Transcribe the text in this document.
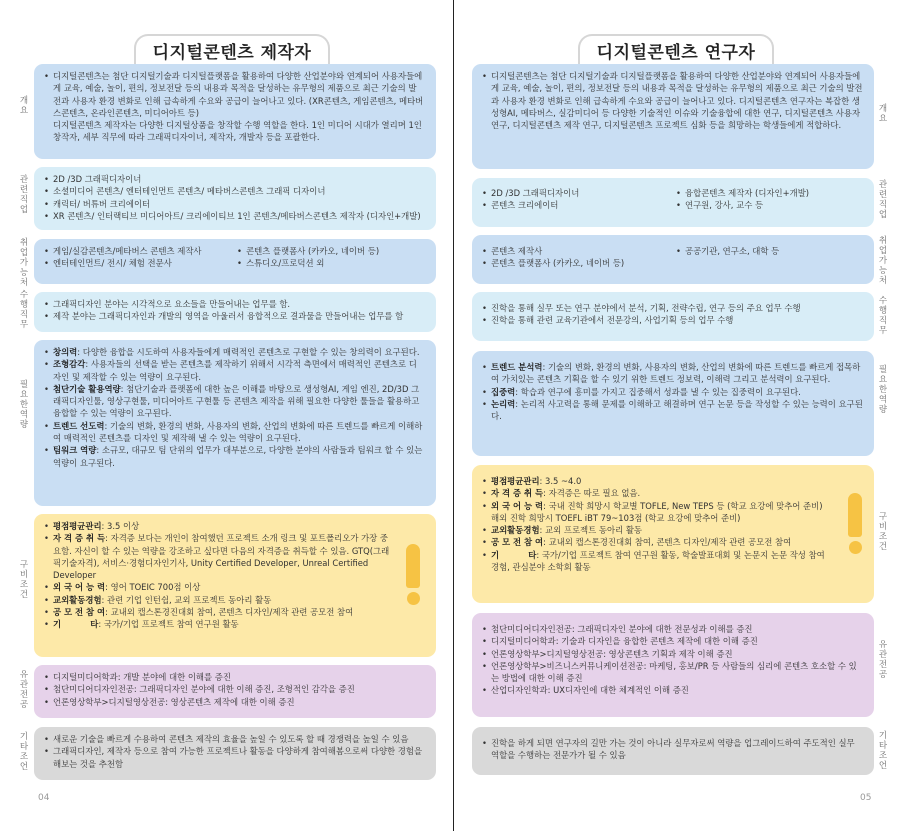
디지털콘텐츠 제작자
• 디지털콘텐츠는 첨단 디지털기술과 디지털플랫폼을 활용하여 다양한 산업분야와 연계되어 사용자들에게 교육, 예술, 놀이, 편의, 정보전달 등의 내용과 목적을 달성하는 유무형의 제품으로 최근 기술의 발전과 사용자 환경 변화로 인해 급속하게 수요와 공급이 늘어나고 있다. (XR콘텐츠, 게임콘텐츠, 메타버스콘텐츠, 온라인콘텐츠, 미디어아트 등)
디지털콘텐츠 제작자는 다양한 디지털상품을 창작할 수행 역할을 한다. 1인 미디어 시대가 열리며 1인 창작자, 세부 직무에 따라 그래픽디자이너, 제작자, 개발자 등을 포괄한다.
개요
• 2D /3D 그래픽디자이너
• 소셜미디어 콘텐츠/ 엔터테인먼트 콘텐츠/ 메타버스콘텐츠 그래픽 디자이너
• 캐릭터/ 버튜버 크리에이터
• XR 콘텐츠/ 인터랙티브 미디어아트/ 크리에이티브 1인 콘텐츠/메타버스콘텐츠 제작자 (디자인+개발)
관련직업
• 게임/실감콘텐츠/메타버스 콘텐츠 제작사	• 콘텐츠 플랫폼사 (카카오, 네이버 등)
• 엔터테인먼트/ 전시/ 체험 전문사	• 스튜디오/프로덕션 외
취업가능처
• 그래픽디자인 분야는 시각적으로 요소들을 만들어내는 업무를 함.
• 제작 분야는 그래픽디자인과 개발의 영역을 아울러서 융합적으로 결과물을 만들어내는 업무를 함
수행직무
• 창의력: 다양한 융합을 시도하여 사용자들에게 매력적인 콘텐츠로 구현할 수 있는 창의력이 요구된다.
• 조형감각: 사용자들의 선택을 받는 콘텐츠를 제작하기 위해서 시각적 측면에서 매력적인 콘텐츠로 디자인 및 제작할 수 있는 역량이 요구된다.
• 첨단기술 활용역량: 첨단기술과 플랫폼에 대한 높은 이해를 바탕으로 생성형AI, 게임 엔진, 2D/3D 그래픽디자인툴, 영상구현툴, 미디어아트 구현툴 등 콘텐츠 제작을 위해 필요한 다양한 툴들을 활용하고 융합할 수 있는 역량이 요구된다.
• 트렌드 선도력: 기술의 변화, 환경의 변화, 사용자의 변화, 산업의 변화에 따른 트렌드를 빠르게 이해하여 매력적인 콘텐츠를 디자인 및 제작해 낼 수 있는 역량이 요구된다.
• 팀워크 역량: 소규모, 대규모 팀 단위의 업무가 대부분으로, 다양한 분야의 사람들과 팀워크 할 수 있는 역량이 요구된다.
필요한역량
• 평점평균관리: 3.5 이상
• 자 격 증 취 득: 자격증 보다는 개인이 참여했던 프로젝트 소개 링크 및 포트폴리오가 가장 중요함. 자신이 할 수 있는 역량을 강조하고 싶다면 다음의 자격증을 취득할 수 있음. GTQ(그래픽기술자격), 서비스·경험디자인기사, Unity Certified Developer, Unreal Certified Developer
• 외 국 어 능 력: 영어 TOEIC 700점 이상
• 교외활동경험: 관련 기업 인턴쉽, 교외 프로젝트 동아리 활동
• 공 모 전 참 여: 교내외 캡스톤경진대회 참여, 콘텐츠 디자인/제작 관련 공모전 참여
• 기          타: 국가/기업 프로젝트 참여 연구원 활동
구비조건
• 디지털미디어학과: 개발 분야에 대한 이해를 증진
• 첨단미디어디자인전공: 그래픽디자인 분야에 대한 이해 증진, 조형적인 감각을 증진
• 언론영상학부>디지털영상전공: 영상콘텐츠 제작에 대한 이해 증진
유관전공
• 새로운 기술을 빠르게 수용하여 콘텐츠 제작의 효율을 높일 수 있도록 할 때 경쟁력을 높일 수 있음
• 그래픽디자인, 제작자 등으로 참여 가능한 프로젝트나 활동을 다양하게 참여해봄으로써 다양한 경험을 해보는 것을 추천함
기타조언
04
디지털콘텐츠 연구자
• 디지털콘텐츠는 첨단 디지털기술과 디지털플랫폼을 활용하여 다양한 산업분야와 연계되어 사용자들에게 교육, 예술, 놀이, 편의, 정보전달 등의 내용과 목적을 달성하는 유무형의 제품으로 최근 기술의 발전과 사용자 환경 변화로 인해 급속하게 수요와 공급이 늘어나고 있다. 디지털콘텐츠 연구자는 복잡한 생성형AI, 메타버스, 실감미디어 등 다양한 기술적인 이슈와 기술융합에 대한 연구, 디지털콘텐츠 사용자 연구, 디지털콘텐츠 제작 연구, 디지털콘텐츠 프로젝트 심화 등을 희망하는 학생들에게 적합하다.
개요
• 2D /3D 그래픽디자이너	• 융합콘텐츠 제작자 (디자인+개발)
• 콘텐츠 크리에이터	• 연구원, 강사, 교수 등
관련직업
• 콘텐츠 제작사	• 공공기관, 연구소, 대학 등
• 콘텐츠 플랫폼사 (카카오, 네이버 등)
취업가능처
• 진학을 통해 실무 또는 연구 분야에서 분석, 기획, 전략수립, 연구 등의 주요 업무 수행
• 진학을 통해 관련 교육기관에서 전문강의, 사업기획 등의 업무 수행
수행직무
• 트렌드 분석력: 기술의 변화, 환경의 변화, 사용자의 변화, 산업의 변화에 따른 트렌드를 빠르게 접목하여 가치있는 콘텐츠 기획을 할 수 있기 위한 트렌드 정보력, 이해력 그리고 분석력이 요구된다.
• 집중력: 학습과 연구에 흥미를 가지고 집중해서 성과를 낼 수 있는 집중력이 요구된다.
• 논리력: 논리적 사고력을 통해 문제를 이해하고 해결하며 연구 논문 등을 작성할 수 있는 능력이 요구된다.
필요한역량
• 평점평균관리: 3.5 ~4.0
• 자 격 증 취 득: 자격증은 따로 필요 없음.
• 외 국 어 능 력: 국내 진학 희망시 학교별 TOFLE, New TEPS 등 (학교 요강에 맞추어 준비) 해외 진학 희망시 TOEFL iBT 79~103점 (학교 요강에 맞추어 준비)
• 교외활동경험: 교외 프로젝트 동아리 활동
• 공 모 전 참 여: 교내외 캡스톤경진대회 참여, 콘텐츠 디자인/제작 관련 공모전 참여
• 기          타: 국가/기업 프로젝트 참여 연구원 활동, 학술발표대회 및 논문지 논문 작성 참여 경험, 관심분야 소학회 활동
구비조건
• 첨단미디어디자인전공: 그래픽디자인 분야에 대한 전문성과 이해를 증진
• 디지털미디어학과: 기술과 디자인을 융합한 콘텐츠 제작에 대한 이해 증진
• 언론영상학부>디지털영상전공: 영상콘텐츠 기획과 제작 이해 증진
• 언론영상학부>비즈니스커뮤니케이션전공: 마케팅, 홍보/PR 등 사람들의 심리에 콘텐츠 호소할 수 있는 방법에 대한 이해 증진
• 산업디자인학과: UX디자인에 대한 체계적인 이해 증진
유관전공
• 진학을 하게 되면 연구자의 길만 가는 것이 아니라 실무자로써 역량을 업그레이드하여 주도적인 실무 역할을 수행하는 전문가가 될 수 있음
기타조언
05
